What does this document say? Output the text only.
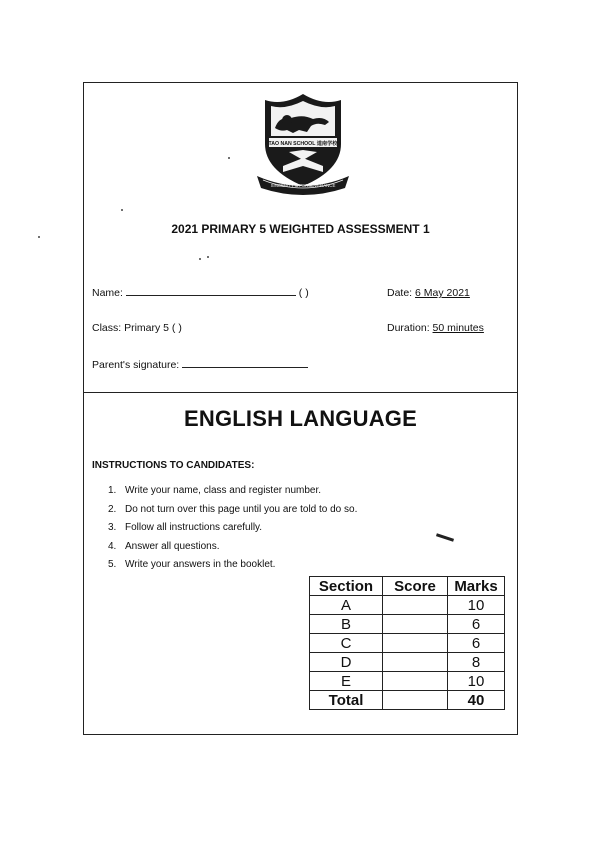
TAO NAN SCHOOL 道南学校
SINCERITY & PERSEVERANCE
2021 PRIMARY 5 WEIGHTED ASSESSMENT 1
Name:	( )	Date: 6 May 2021
Class: Primary 5 ( )	Duration: 50 minutes
Parent's signature:
ENGLISH LANGUAGE
INSTRUCTIONS TO CANDIDATES:
1. Write your name, class and register number.
2. Do not turn over this page until you are told to do so.
3. Follow all instructions carefully.
4. Answer all questions.
5. Write your answers in the booklet.
Section	Score	Marks
A		10
B		6
C		6
D		8
E		10
Total		40
